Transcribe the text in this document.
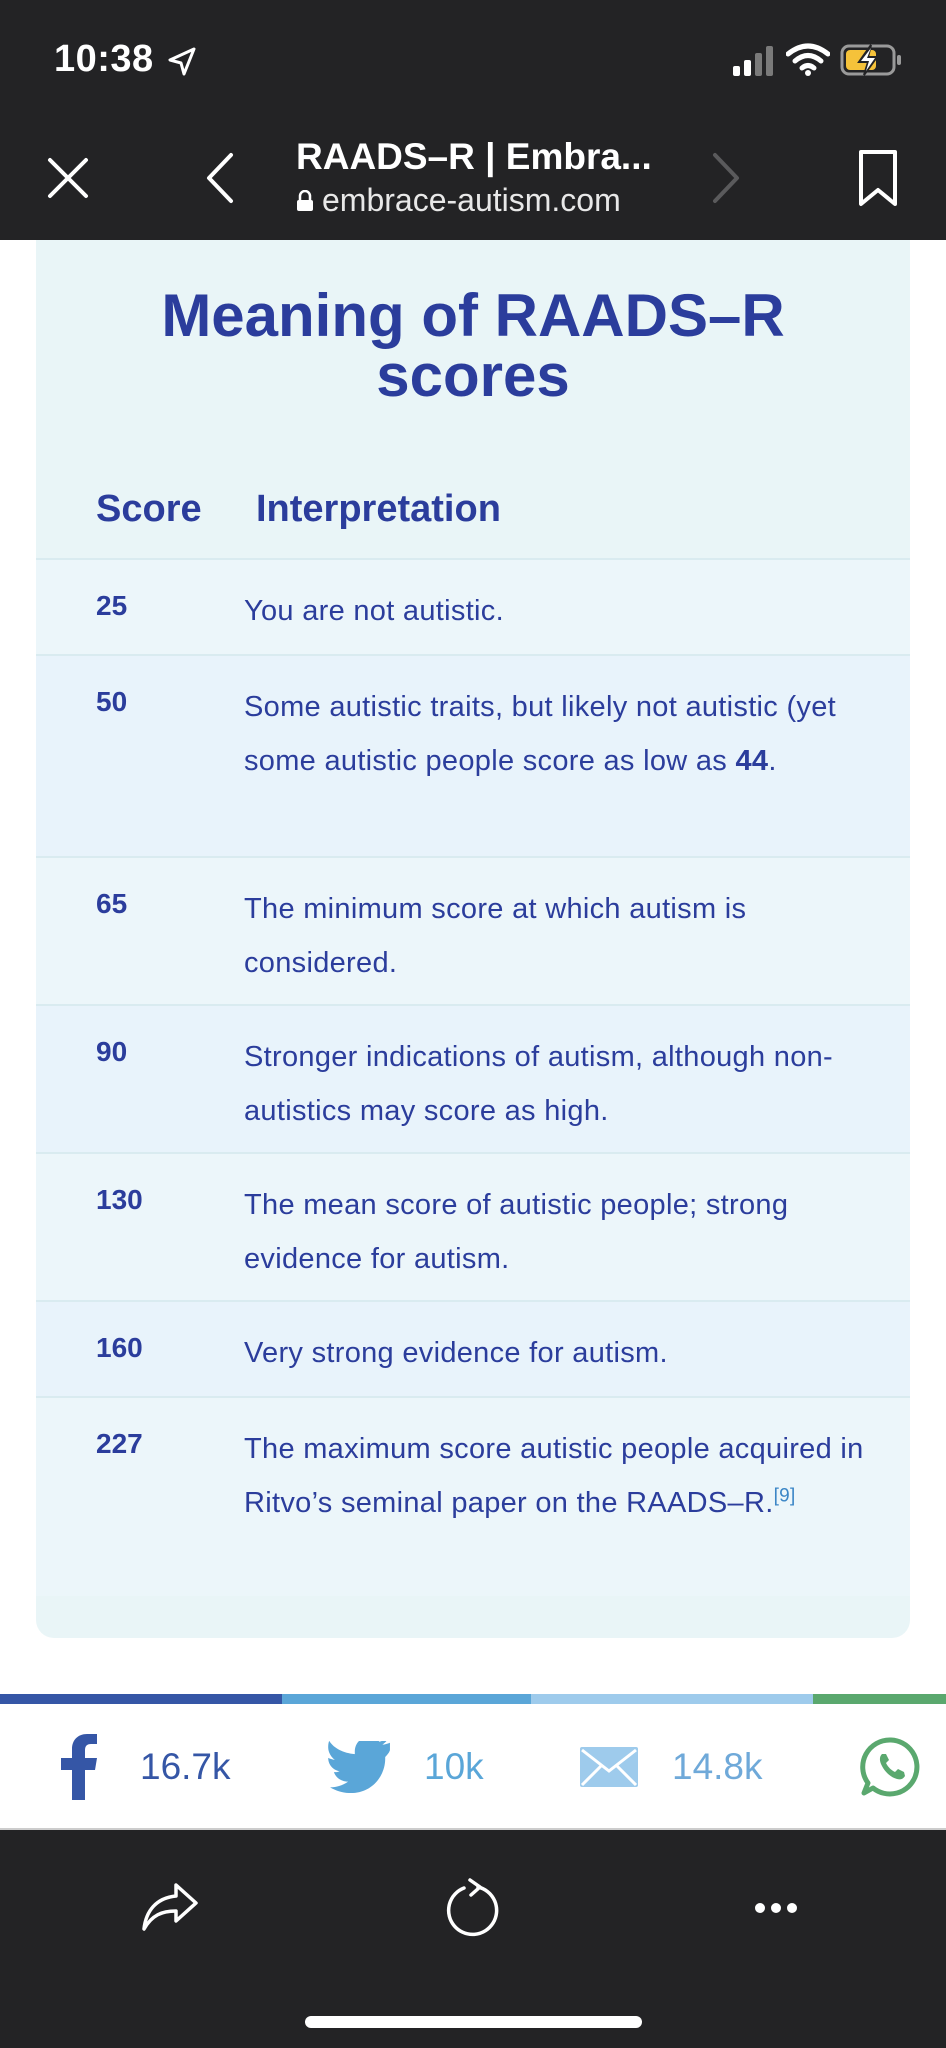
10:38
RAADS–R | Embra...
embrace-autism.com
Meaning of RAADS–R
scores
Score Interpretation
25	You are not autistic.
50	Some autistic traits, but likely not autistic (yet some autistic people score as low as 44.
65	The minimum score at which autism is considered.
90	Stronger indications of autism, although non-autistics may score as high.
130	The mean score of autistic people; strong evidence for autism.
160	Very strong evidence for autism.
227	The maximum score autistic people acquired in Ritvo’s seminal paper on the RAADS–R.[9]
16.7k	10k	14.8k
